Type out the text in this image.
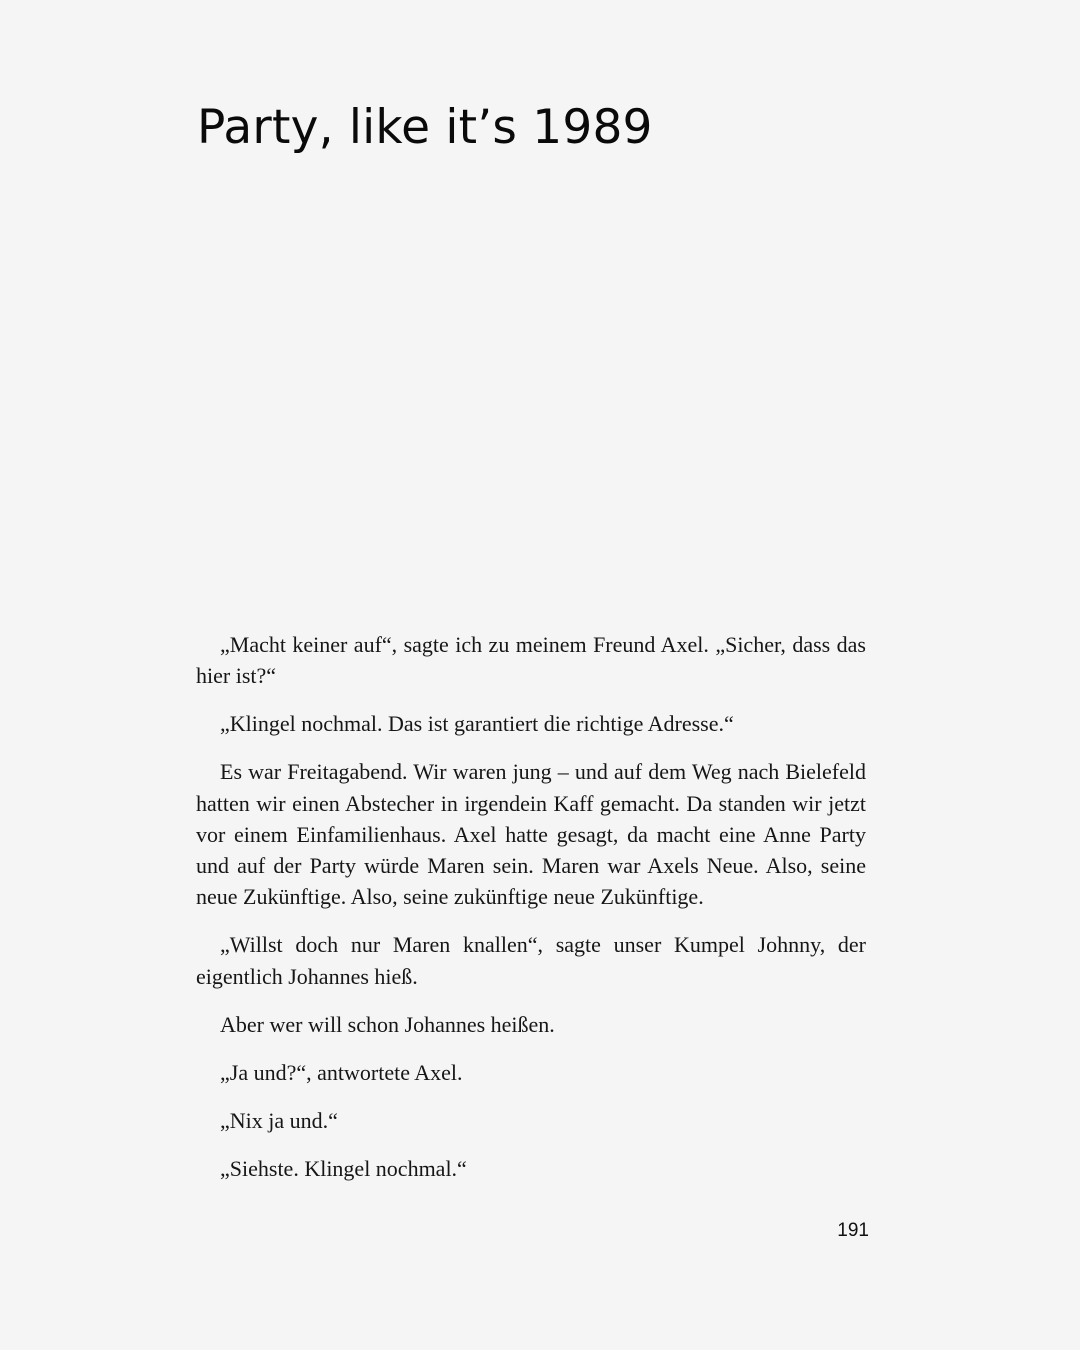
Party, like it’s 1989

„Macht keiner auf“, sagte ich zu meinem Freund Axel. „Sicher, dass das hier ist?“

„Klingel nochmal. Das ist garantiert die richtige Adresse.“

Es war Freitagabend. Wir waren jung – und auf dem Weg nach Bielefeld hatten wir einen Abstecher in irgendein Kaff gemacht. Da standen wir jetzt vor einem Einfamilienhaus. Axel hatte gesagt, da macht eine Anne Party und auf der Party würde Maren sein. Maren war Axels Neue. Also, seine neue Zukünftige. Also, seine zukünftige neue Zukünftige.

„Willst doch nur Maren knallen“, sagte unser Kumpel Johnny, der eigentlich Johannes hieß.

Aber wer will schon Johannes heißen.

„Ja und?“, antwortete Axel.

„Nix ja und.“

„Siehste. Klingel nochmal.“

191
